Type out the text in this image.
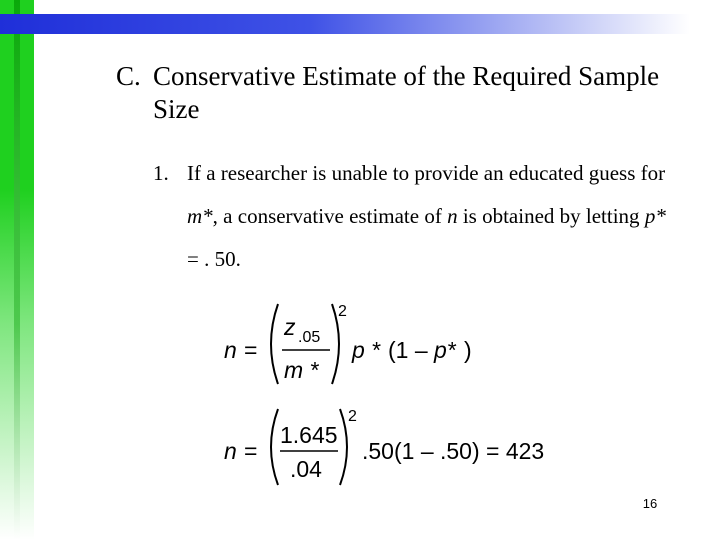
C. Conservative Estimate of the Required Sample Size
1. If a researcher is unable to provide an educated guess for m*, a conservative estimate of n is obtained by letting p* = . 50.
n =
z .05
m *
2
p * (1 – p* )
n =
1.645
.04
2
.50(1 – .50) = 423
16
